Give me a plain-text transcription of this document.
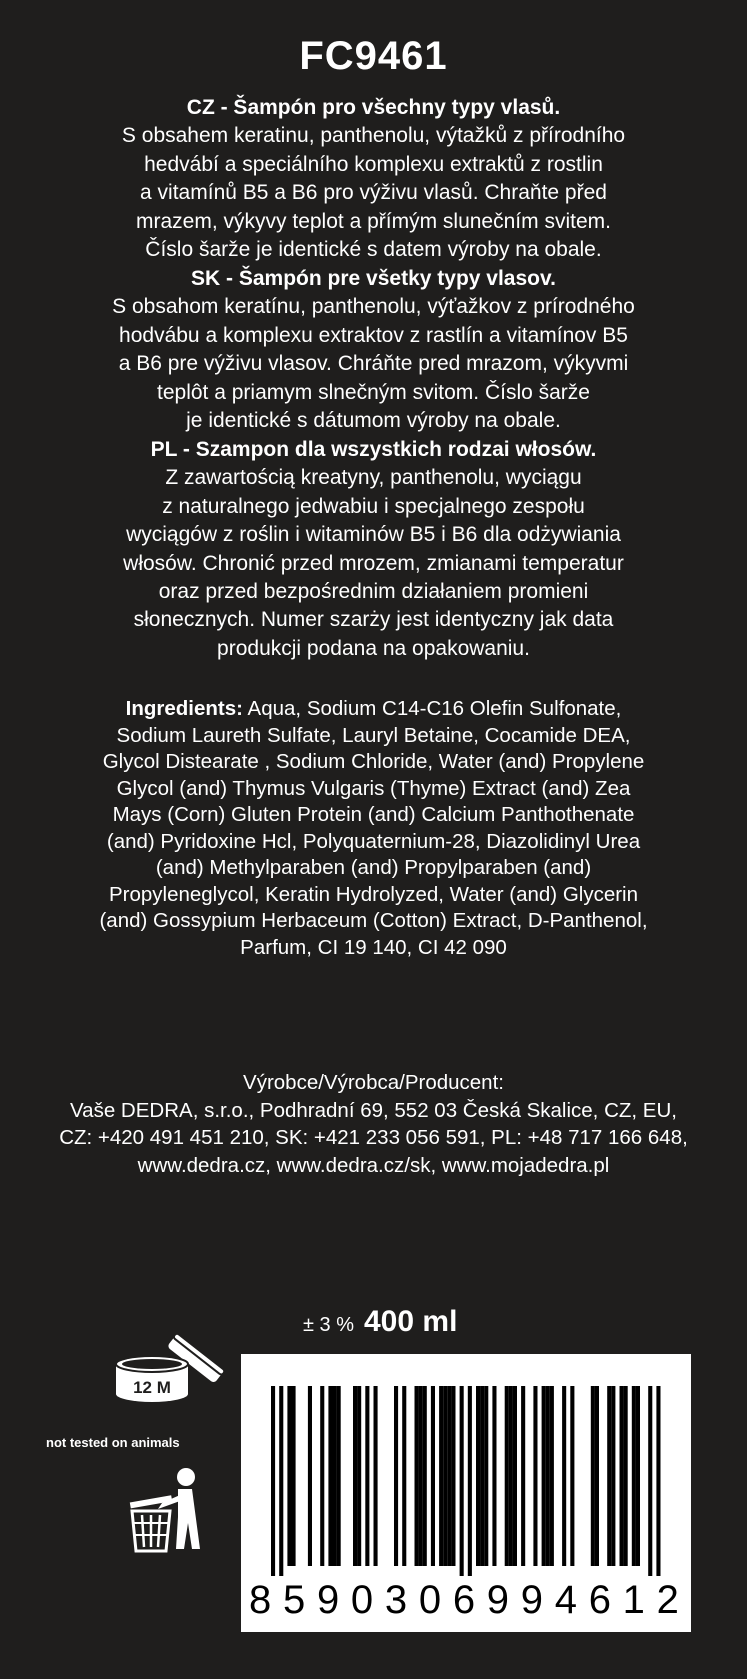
FC9461
CZ - Šampón pro všechny typy vlasů.
S obsahem keratinu, panthenolu, výtažků z přírodního
hedvábí a speciálního komplexu extraktů z rostlin
a vitamínů B5 a B6 pro výživu vlasů. Chraňte před
mrazem, výkyvy teplot a přímým slunečním svitem.
Číslo šarže je identické s datem výroby na obale.
SK - Šampón pre všetky typy vlasov.
S obsahom keratínu, panthenolu, výťažkov z prírodného
hodvábu a komplexu extraktov z rastlín a vitamínov B5
a B6 pre výživu vlasov. Chráňte pred mrazom, výkyvmi
teplôt a priamym slnečným svitom. Číslo šarže
je identické s dátumom výroby na obale.
PL - Szampon dla wszystkich rodzai włosów.
Z zawartością kreatyny, panthenolu, wyciągu
z naturalnego jedwabiu i specjalnego zespołu
wyciągów z roślin i witaminów B5 i B6 dla odżywiania
włosów. Chronić przed mrozem, zmianami temperatur
oraz przed bezpośrednim działaniem promieni
słonecznych. Numer szarży jest identyczny jak data
produkcji podana na opakowaniu.
Ingredients: Aqua, Sodium C14-C16 Olefin Sulfonate,
Sodium Laureth Sulfate, Lauryl Betaine, Cocamide DEA,
Glycol Distearate , Sodium Chloride, Water (and) Propylene
Glycol (and) Thymus Vulgaris (Thyme) Extract (and) Zea
Mays (Corn) Gluten Protein (and) Calcium Panthothenate
(and) Pyridoxine Hcl, Polyquaternium-28, Diazolidinyl Urea
(and) Methylparaben (and) Propylparaben (and)
Propyleneglycol, Keratin Hydrolyzed, Water (and) Glycerin
(and) Gossypium Herbaceum (Cotton) Extract, D-Panthenol,
Parfum, CI 19 140, CI 42 090
Výrobce/Výrobca/Producent:
Vaše DEDRA, s.r.o., Podhradní 69, 552 03 Česká Skalice, CZ, EU,
CZ: +420 491 451 210, SK: +421 233 056 591, PL: +48 717 166 648,
www.dedra.cz, www.dedra.cz/sk, www.mojadedra.pl
± 3 % 400 ml
12 M
not tested on animals
8 5 9 0 3 0 6 9 9 4 6 1 2
